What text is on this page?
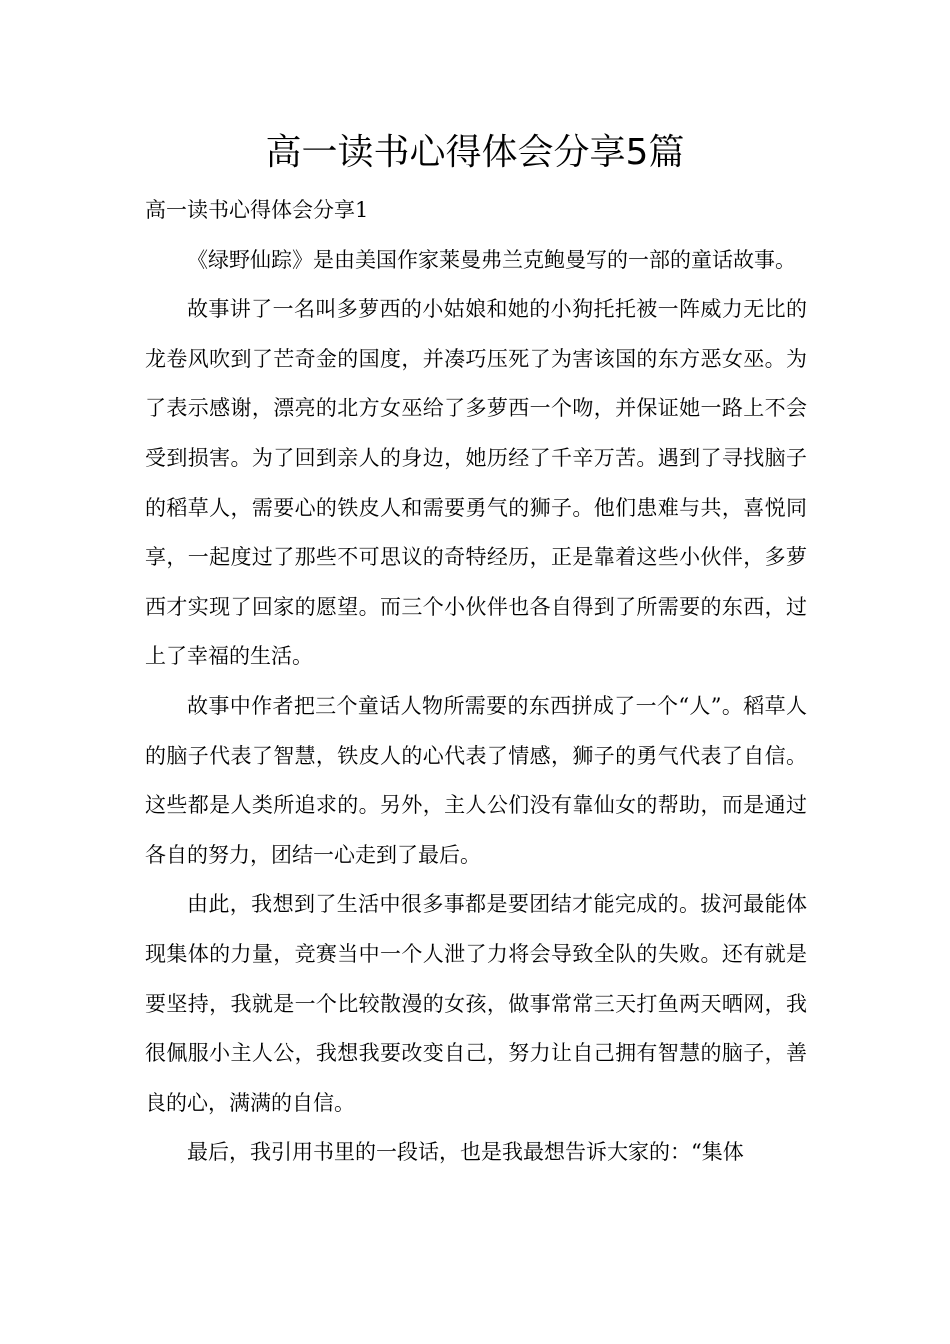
高一读书心得体会分享5篇

高一读书心得体会分享1

《绿野仙踪》是由美国作家莱曼弗兰克鲍曼写的一部的童话故事。

故事讲了一名叫多萝西的小姑娘和她的小狗托托被一阵威力无比的龙卷风吹到了芒奇金的国度，并凑巧压死了为害该国的东方恶女巫。为了表示感谢，漂亮的北方女巫给了多萝西一个吻，并保证她一路上不会受到损害。为了回到亲人的身边，她历经了千辛万苦。遇到了寻找脑子的稻草人，需要心的铁皮人和需要勇气的狮子。他们患难与共，喜悦同享，一起度过了那些不可思议的奇特经历，正是靠着这些小伙伴，多萝西才实现了回家的愿望。而三个小伙伴也各自得到了所需要的东西，过上了幸福的生活。

故事中作者把三个童话人物所需要的东西拼成了一个“人”。稻草人的脑子代表了智慧，铁皮人的心代表了情感，狮子的勇气代表了自信。这些都是人类所追求的。另外，主人公们没有靠仙女的帮助，而是通过各自的努力，团结一心走到了最后。

由此，我想到了生活中很多事都是要团结才能完成的。拔河最能体现集体的力量，竞赛当中一个人泄了力将会导致全队的失败。还有就是要坚持，我就是一个比较散漫的女孩，做事常常三天打鱼两天晒网，我很佩服小主人公，我想我要改变自己，努力让自己拥有智慧的脑子，善良的心，满满的自信。

最后，我引用书里的一段话，也是我最想告诉大家的：“集体
